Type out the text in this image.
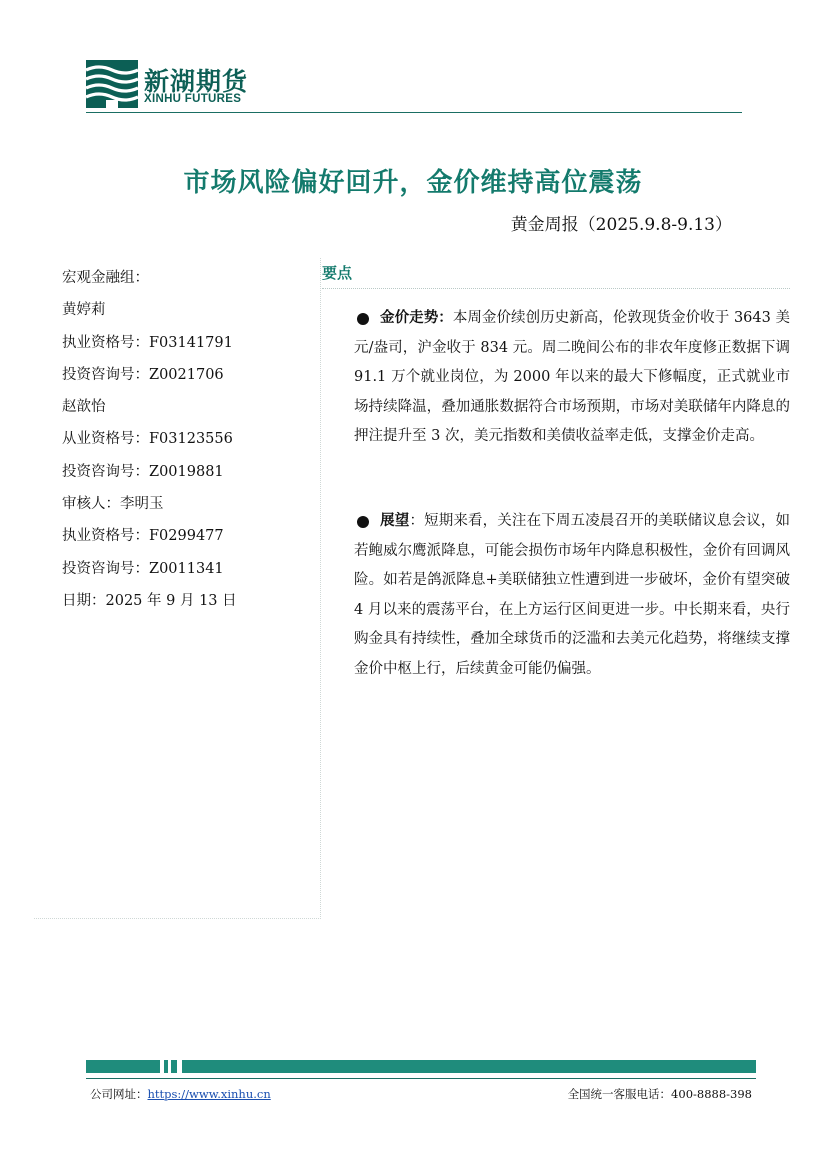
新湖期货
XINHU FUTURES
市场风险偏好回升，金价维持高位震荡
黄金周报（2025.9.8-9.13）
宏观金融组：
黄婷莉
执业资格号：F03141791
投资咨询号：Z0021706
赵歆怡
从业资格号：F03123556
投资咨询号：Z0019881
审核人：李明玉
执业资格号：F0299477
投资咨询号：Z0011341
日期：2025 年 9 月 13 日
要点
金价走势：本周金价续创历史新高，伦敦现货金价收于 3643 美元/盎司，沪金收于 834 元。周二晚间公布的非农年度修正数据下调 91.1 万个就业岗位，为 2000 年以来的最大下修幅度，正式就业市场持续降温，叠加通胀数据符合市场预期，市场对美联储年内降息的押注提升至 3 次，美元指数和美债收益率走低，支撑金价走高。
展望：短期来看，关注在下周五凌晨召开的美联储议息会议，如若鲍威尔鹰派降息，可能会损伤市场年内降息积极性，金价有回调风险。如若是鸽派降息+美联储独立性遭到进一步破坏，金价有望突破 4 月以来的震荡平台，在上方运行区间更进一步。中长期来看，央行购金具有持续性，叠加全球货币的泛滥和去美元化趋势，将继续支撑金价中枢上行，后续黄金可能仍偏强。
公司网址：https://www.xinhu.cn	全国统一客服电话：400-8888-398
